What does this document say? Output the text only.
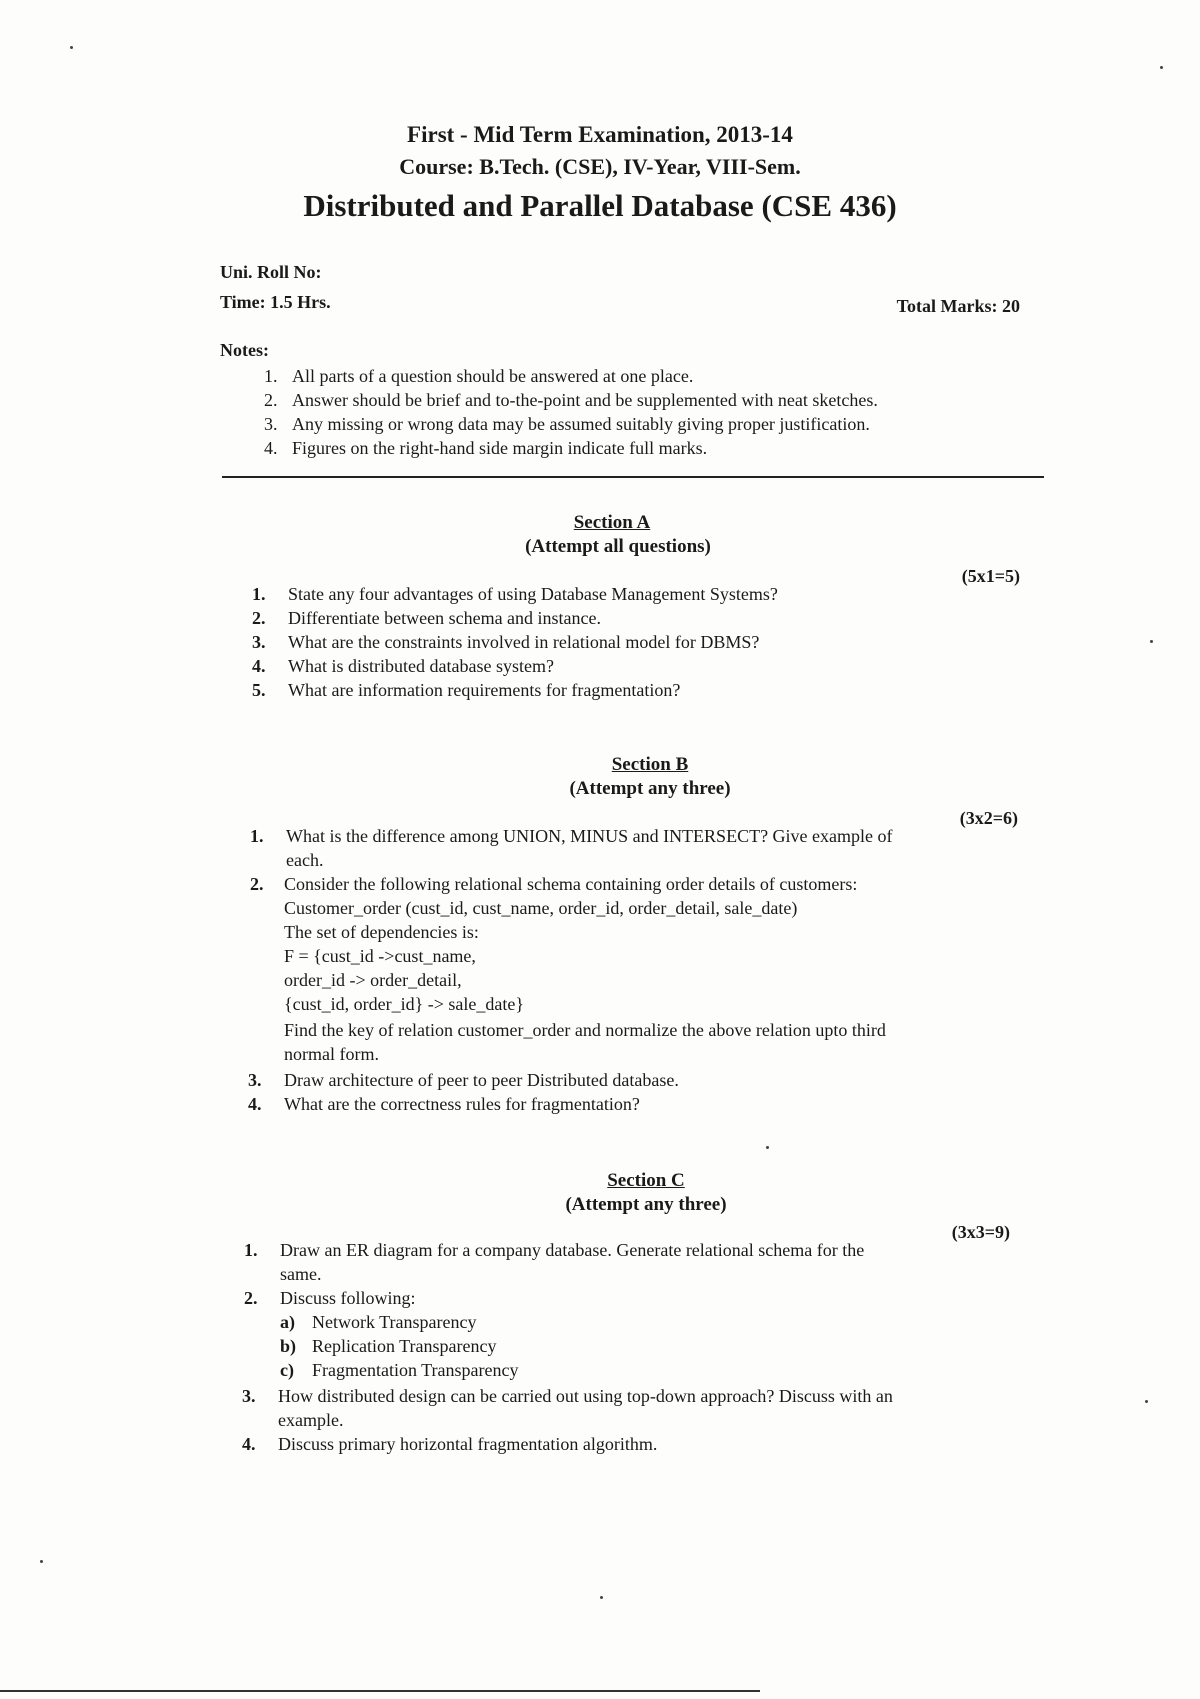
First - Mid Term Examination, 2013-14
Course: B.Tech. (CSE), IV-Year, VIII-Sem.
Distributed and Parallel Database (CSE 436)
Uni. Roll No:
Time: 1.5 Hrs.	Total Marks: 20
Notes:
1. All parts of a question should be answered at one place.
2. Answer should be brief and to-the-point and be supplemented with neat sketches.
3. Any missing or wrong data may be assumed suitably giving proper justification.
4. Figures on the right-hand side margin indicate full marks.
Section A
(Attempt all questions)
(5x1=5)
1. State any four advantages of using Database Management Systems?
2. Differentiate between schema and instance.
3. What are the constraints involved in relational model for DBMS?
4. What is distributed database system?
5. What are information requirements for fragmentation?
Section B
(Attempt any three)
(3x2=6)
1. What is the difference among UNION, MINUS and INTERSECT? Give example of
each.
2. Consider the following relational schema containing order details of customers:
Customer_order (cust_id, cust_name, order_id, order_detail, sale_date)
The set of dependencies is:
F = {cust_id ->cust_name,
order_id -> order_detail,
{cust_id, order_id} -> sale_date}
Find the key of relation customer_order and normalize the above relation upto third
normal form.
3. Draw architecture of peer to peer Distributed database.
4. What are the correctness rules for fragmentation?
Section C
(Attempt any three)
(3x3=9)
1. Draw an ER diagram for a company database. Generate relational schema for the
same.
2. Discuss following:
a) Network Transparency
b) Replication Transparency
c) Fragmentation Transparency
3. How distributed design can be carried out using top-down approach? Discuss with an
example.
4. Discuss primary horizontal fragmentation algorithm.
